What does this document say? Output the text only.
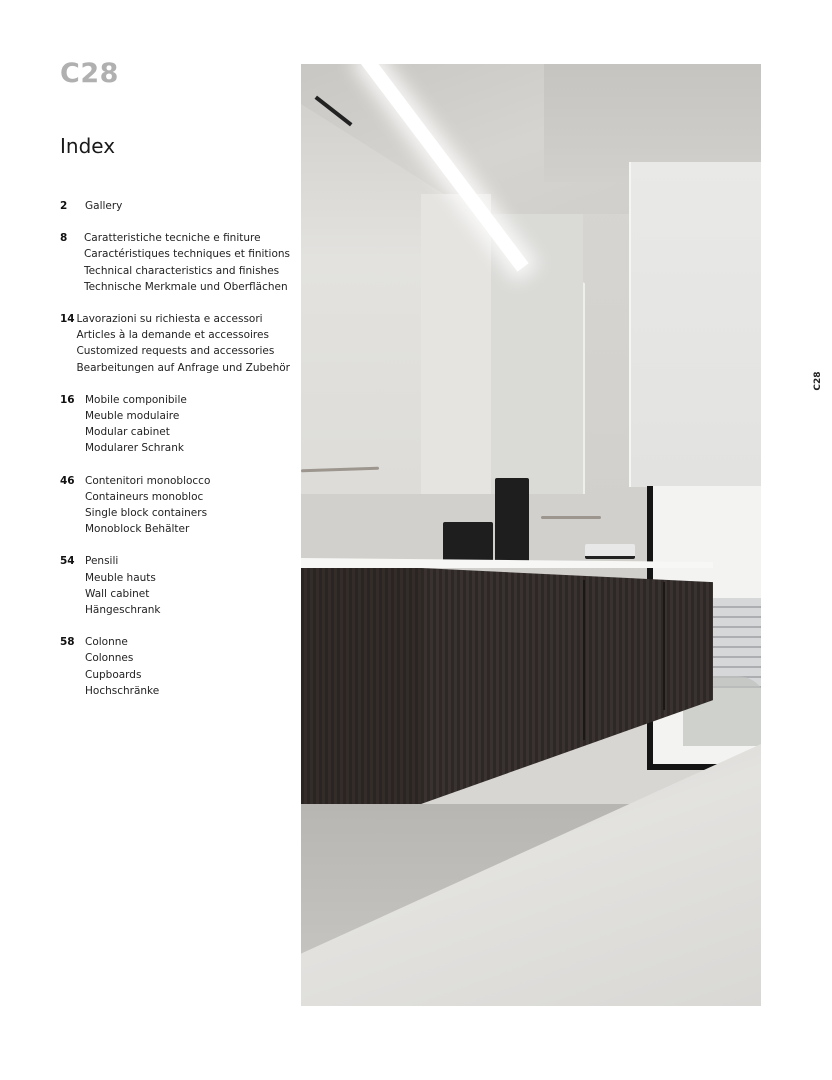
C28
Index
2	Gallery
8	Caratteristiche tecniche e finiture
Caractéristiques techniques et finitions
Technical characteristics and finishes
Technische Merkmale und Oberflächen
14 Lavorazioni su richiesta e accessori
Articles à la demande et accessoires
Customized requests and accessories
Bearbeitungen auf Anfrage und Zubehör
16 Mobile componibile
Meuble modulaire
Modular cabinet
Modularer Schrank
46 Contenitori monoblocco
Containeurs monobloc
Single block containers
Monoblock Behälter
54 Pensili
Meuble hauts
Wall cabinet
Hängeschrank
58 Colonne
Colonnes
Cupboards
Hochschränke
C28
